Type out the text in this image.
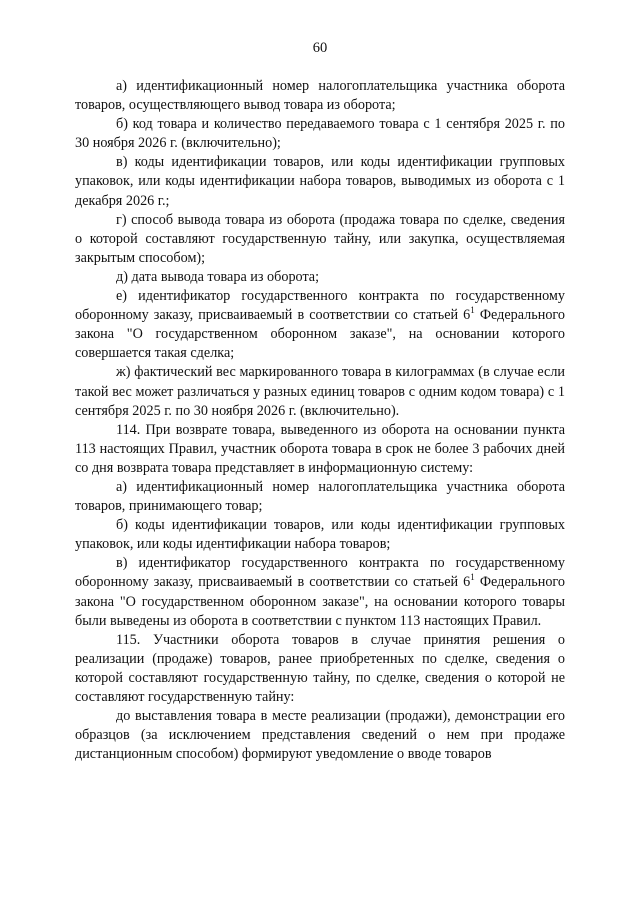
60

а) идентификационный номер налогоплательщика участника оборота товаров, осуществляющего вывод товара из оборота;

б) код товара и количество передаваемого товара с 1 сентября 2025 г. по 30 ноября 2026 г. (включительно);

в) коды идентификации товаров, или коды идентификации групповых упаковок, или коды идентификации набора товаров, выводимых из оборота с 1 декабря 2026 г.;

г) способ вывода товара из оборота (продажа товара по сделке, сведения о которой составляют государственную тайну, или закупка, осуществляемая закрытым способом);

д) дата вывода товара из оборота;

е) идентификатор государственного контракта по государственному оборонному заказу, присваиваемый в соответствии со статьей $6^1$ Федерального закона "О государственном оборонном заказе", на основании которого совершается такая сделка;

ж) фактический вес маркированного товара в килограммах (в случае если такой вес может различаться у разных единиц товаров с одним кодом товара) с 1 сентября 2025 г. по 30 ноября 2026 г. (включительно).

114. При возврате товара, выведенного из оборота на основании пункта 113 настоящих Правил, участник оборота товара в срок не более 3 рабочих дней со дня возврата товара представляет в информационную систему:

а) идентификационный номер налогоплательщика участника оборота товаров, принимающего товар;

б) коды идентификации товаров, или коды идентификации групповых упаковок, или коды идентификации набора товаров;

в) идентификатор государственного контракта по государственному оборонному заказу, присваиваемый в соответствии со статьей $6^1$ Федерального закона "О государственном оборонном заказе", на основании которого товары были выведены из оборота в соответствии с пунктом 113 настоящих Правил.

115. Участники оборота товаров в случае принятия решения о реализации (продаже) товаров, ранее приобретенных по сделке, сведения о которой составляют государственную тайну, по сделке, сведения о которой не составляют государственную тайну:

до выставления товара в месте реализации (продажи), демонстрации его образцов (за исключением представления сведений о нем при продаже дистанционным способом) формируют уведомление о вводе товаров
